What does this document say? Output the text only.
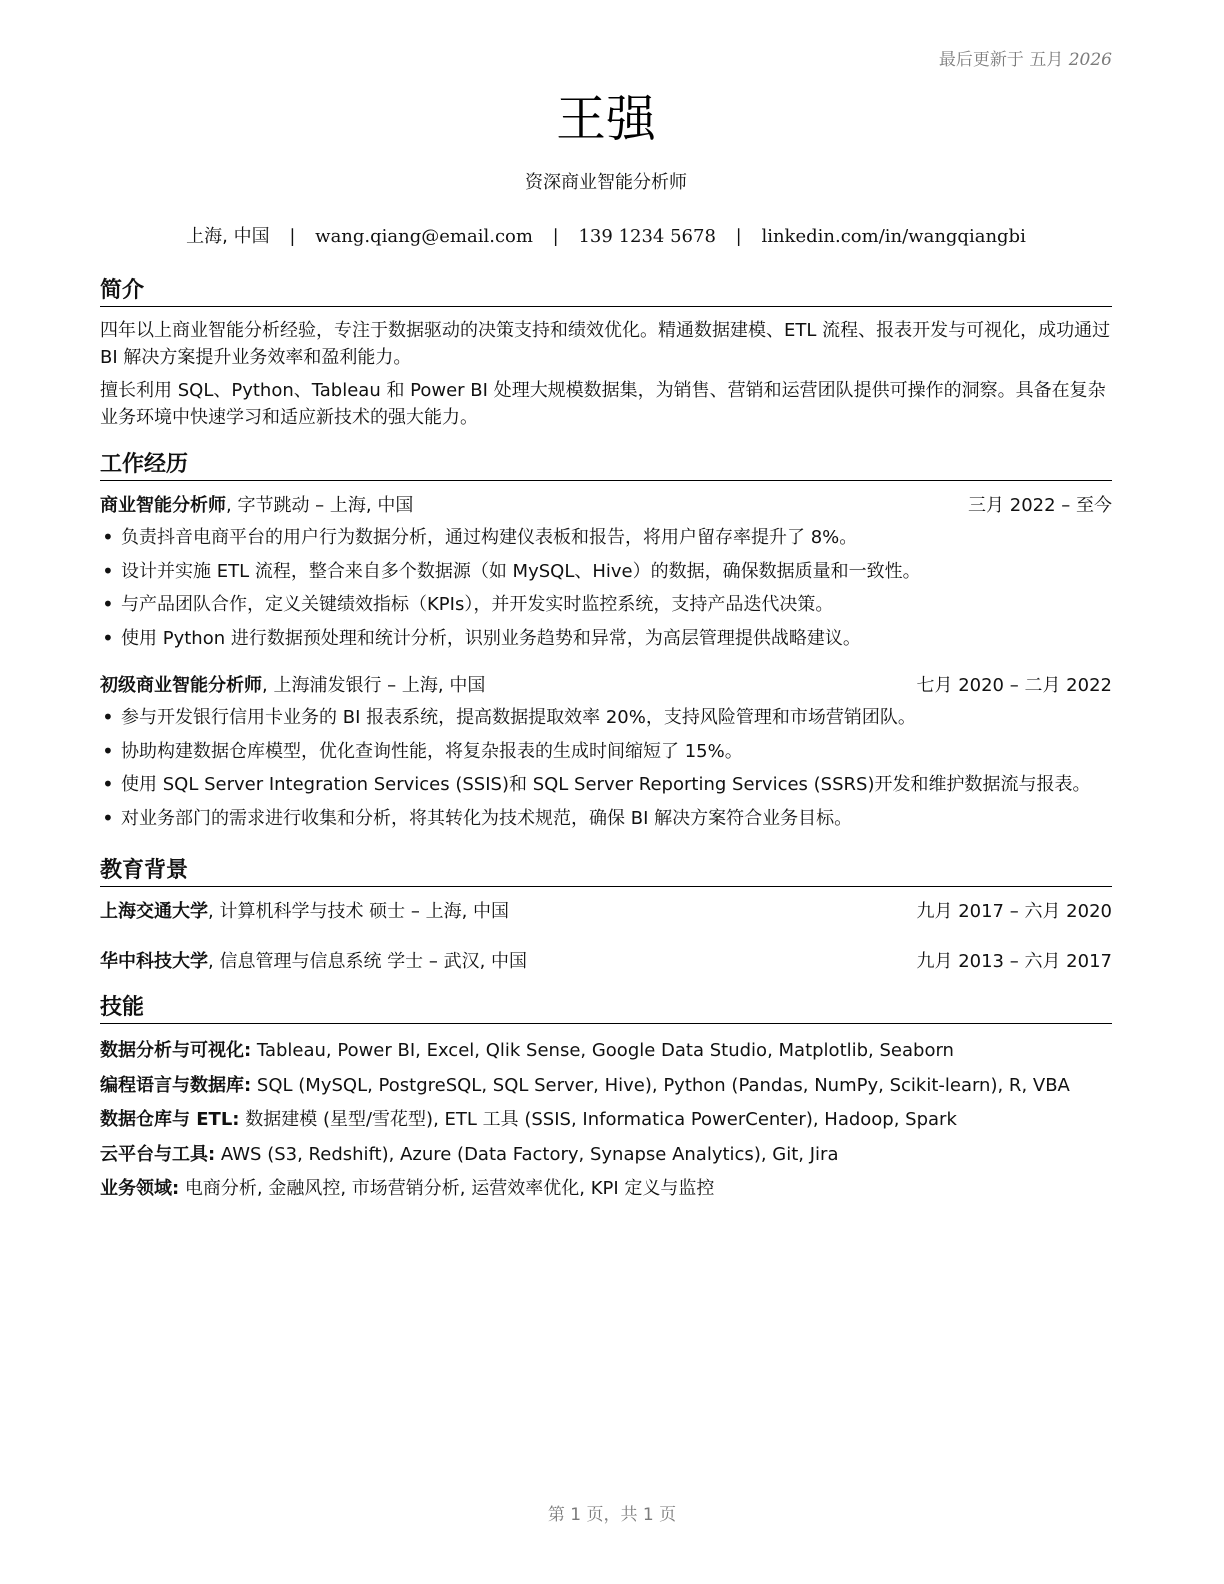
最后更新于 五月 2026
王强
资深商业智能分析师
上海, 中国 | wang.qiang@email.com | 139 1234 5678 | linkedin.com/in/wangqiangbi
简介

四年以上商业智能分析经验，专注于数据驱动的决策支持和绩效优化。精通数据建模、ETL 流程、报表开发与可视化，成功通过 BI 解决方案提升业务效率和盈利能力。

擅长利用 SQL、Python、Tableau 和 Power BI 处理大规模数据集，为销售、营销和运营团队提供可操作的洞察。具备在复杂业务环境中快速学习和适应新技术的强大能力。

工作经历
商业智能分析师, 字节跳动 – 上海, 中国	三月 2022 – 至今
• 负责抖音电商平台的用户行为数据分析，通过构建仪表板和报告，将用户留存率提升了 8%。
• 设计并实施 ETL 流程，整合来自多个数据源（如 MySQL、Hive）的数据，确保数据质量和一致性。
• 与产品团队合作，定义关键绩效指标（KPIs），并开发实时监控系统，支持产品迭代决策。
• 使用 Python 进行数据预处理和统计分析，识别业务趋势和异常，为高层管理提供战略建议。
初级商业智能分析师, 上海浦发银行 – 上海, 中国	七月 2020 – 二月 2022
• 参与开发银行信用卡业务的 BI 报表系统，提高数据提取效率 20%，支持风险管理和市场营销团队。
• 协助构建数据仓库模型，优化查询性能，将复杂报表的生成时间缩短了 15%。
• 使用 SQL Server Integration Services (SSIS)和 SQL Server Reporting Services (SSRS)开发和维护数据流与报表。
• 对业务部门的需求进行收集和分析，将其转化为技术规范，确保 BI 解决方案符合业务目标。
教育背景
上海交通大学, 计算机科学与技术 硕士 – 上海, 中国	九月 2017 – 六月 2020
华中科技大学, 信息管理与信息系统 学士 – 武汉, 中国	九月 2013 – 六月 2017
技能
数据分析与可视化: Tableau, Power BI, Excel, Qlik Sense, Google Data Studio, Matplotlib, Seaborn
编程语言与数据库: SQL (MySQL, PostgreSQL, SQL Server, Hive), Python (Pandas, NumPy, Scikit-learn), R, VBA
数据仓库与 ETL: 数据建模 (星型/雪花型), ETL 工具 (SSIS, Informatica PowerCenter), Hadoop, Spark
云平台与工具: AWS (S3, Redshift), Azure (Data Factory, Synapse Analytics), Git, Jira
业务领域: 电商分析, 金融风控, 市场营销分析, 运营效率优化, KPI 定义与监控
第 1 页，共 1 页
